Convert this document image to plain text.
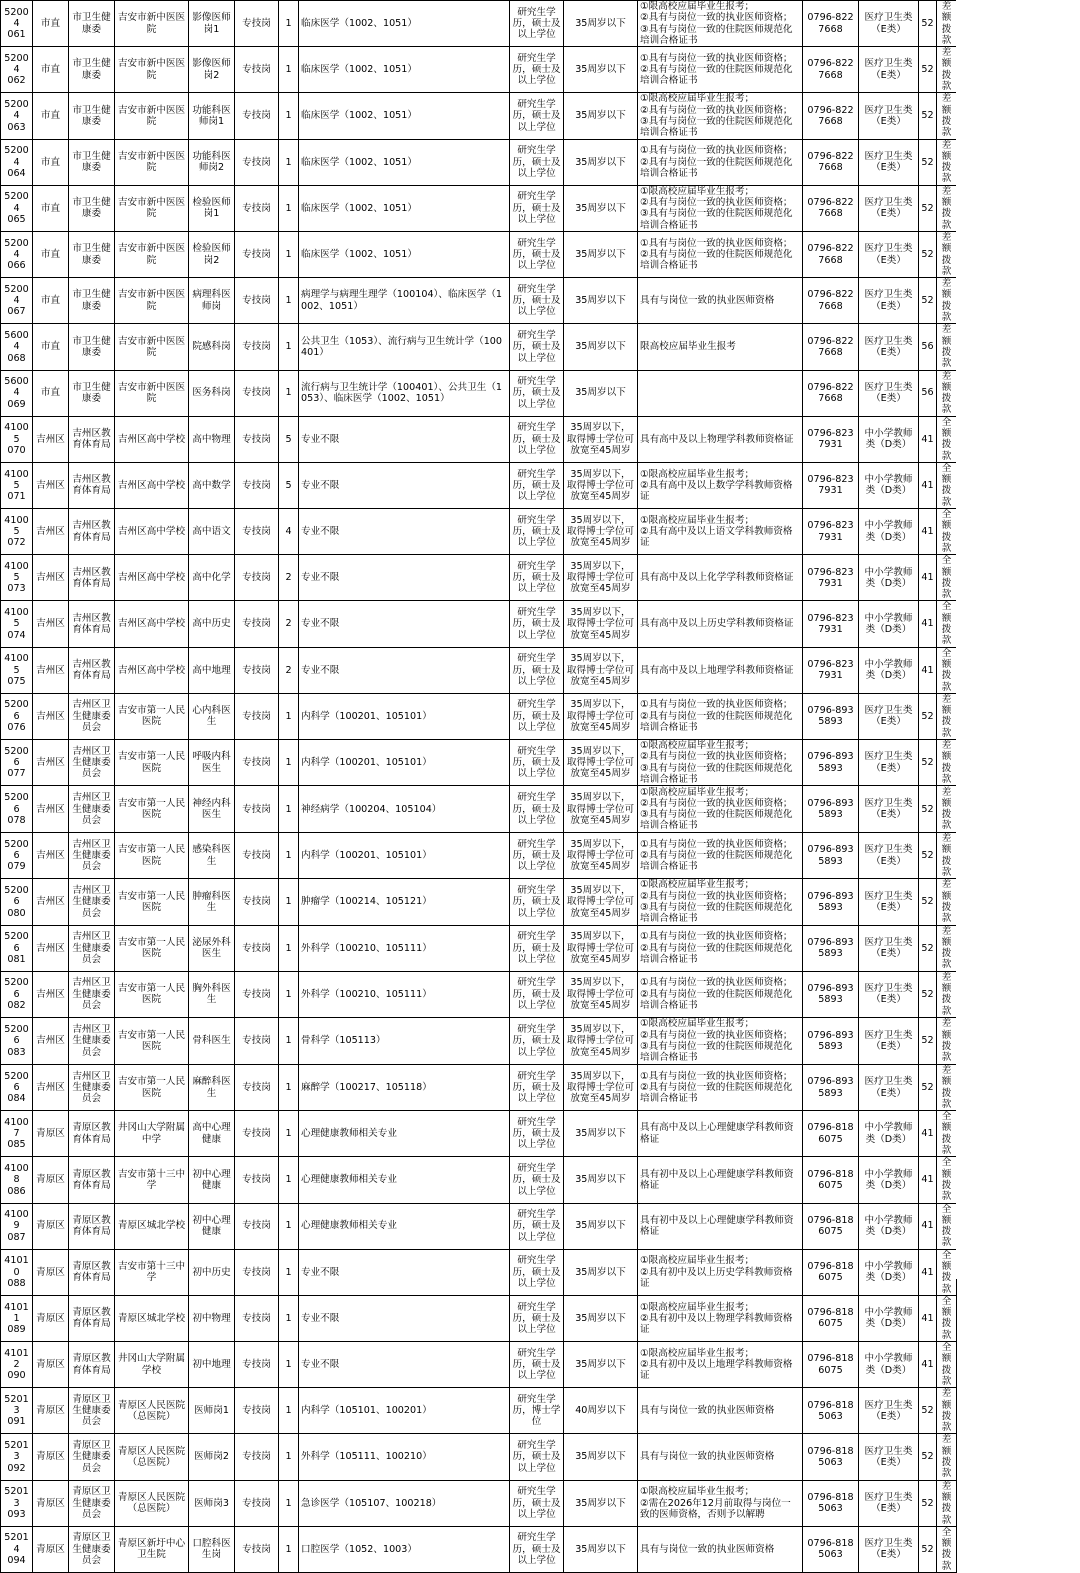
52004
061	市直	市卫生健康委	吉安市新中医医院	影像医师岗1	专技岗	1	临床医学（1002、1051）	研究生学历，硕士及以上学位	35周岁以下	①限高校应届毕业生报考；
②具有与岗位一致的执业医师资格；
③具有与岗位一致的住院医师规范化培训合格证书	0796-8227668	医疗卫生类（E类）	52	差额拨款
52004
062	市直	市卫生健康委	吉安市新中医医院	影像医师岗2	专技岗	1	临床医学（1002、1051）	研究生学历，硕士及以上学位	35周岁以下	①具有与岗位一致的执业医师资格；
②具有与岗位一致的住院医师规范化培训合格证书	0796-8227668	医疗卫生类（E类）	52	差额拨款
52004
063	市直	市卫生健康委	吉安市新中医医院	功能科医师岗1	专技岗	1	临床医学（1002、1051）	研究生学历，硕士及以上学位	35周岁以下	①限高校应届毕业生报考；
②具有与岗位一致的执业医师资格；
③具有与岗位一致的住院医师规范化培训合格证书	0796-8227668	医疗卫生类（E类）	52	差额拨款
52004
064	市直	市卫生健康委	吉安市新中医医院	功能科医师岗2	专技岗	1	临床医学（1002、1051）	研究生学历，硕士及以上学位	35周岁以下	①具有与岗位一致的执业医师资格；
②具有与岗位一致的住院医师规范化培训合格证书	0796-8227668	医疗卫生类（E类）	52	差额拨款
52004
065	市直	市卫生健康委	吉安市新中医医院	检验医师岗1	专技岗	1	临床医学（1002、1051）	研究生学历，硕士及以上学位	35周岁以下	①限高校应届毕业生报考；
②具有与岗位一致的执业医师资格；
③具有与岗位一致的住院医师规范化培训合格证书	0796-8227668	医疗卫生类（E类）	52	差额拨款
52004
066	市直	市卫生健康委	吉安市新中医医院	检验医师岗2	专技岗	1	临床医学（1002、1051）	研究生学历，硕士及以上学位	35周岁以下	①具有与岗位一致的执业医师资格；
②具有与岗位一致的住院医师规范化培训合格证书	0796-8227668	医疗卫生类（E类）	52	差额拨款
52004
067	市直	市卫生健康委	吉安市新中医医院	病理科医师岗	专技岗	1	病理学与病理生理学（100104）、临床医学（1002、1051）	研究生学历，硕士及以上学位	35周岁以下	具有与岗位一致的执业医师资格	0796-8227668	医疗卫生类（E类）	52	差额拨款
56004
068	市直	市卫生健康委	吉安市新中医医院	院感科岗	专技岗	1	公共卫生（1053）、流行病与卫生统计学（100401）	研究生学历，硕士及以上学位	35周岁以下	限高校应届毕业生报考	0796-8227668	医疗卫生类（E类）	56	差额拨款
56004
069	市直	市卫生健康委	吉安市新中医医院	医务科岗	专技岗	1	流行病与卫生统计学（100401）、公共卫生（1053）、临床医学（1002、1051）	研究生学历，硕士及以上学位	35周岁以下		0796-8227668	医疗卫生类（E类）	56	差额拨款
41005
070	吉州区	吉州区教育体育局	吉州区高中学校	高中物理	专技岗	5	专业不限	研究生学历，硕士及以上学位	35周岁以下，取得博士学位可放宽至45周岁	具有高中及以上物理学科教师资格证	0796-8237931	中小学教师类（D类）	41	全额拨款
41005
071	吉州区	吉州区教育体育局	吉州区高中学校	高中数学	专技岗	5	专业不限	研究生学历，硕士及以上学位	35周岁以下，取得博士学位可放宽至45周岁	①限高校应届毕业生报考；
②具有高中及以上数学学科教师资格证	0796-8237931	中小学教师类（D类）	41	全额拨款
41005
072	吉州区	吉州区教育体育局	吉州区高中学校	高中语文	专技岗	4	专业不限	研究生学历，硕士及以上学位	35周岁以下，取得博士学位可放宽至45周岁	①限高校应届毕业生报考；
②具有高中及以上语文学科教师资格证	0796-8237931	中小学教师类（D类）	41	全额拨款
41005
073	吉州区	吉州区教育体育局	吉州区高中学校	高中化学	专技岗	2	专业不限	研究生学历，硕士及以上学位	35周岁以下，取得博士学位可放宽至45周岁	具有高中及以上化学学科教师资格证	0796-8237931	中小学教师类（D类）	41	全额拨款
41005
074	吉州区	吉州区教育体育局	吉州区高中学校	高中历史	专技岗	2	专业不限	研究生学历，硕士及以上学位	35周岁以下，取得博士学位可放宽至45周岁	具有高中及以上历史学科教师资格证	0796-8237931	中小学教师类（D类）	41	全额拨款
41005
075	吉州区	吉州区教育体育局	吉州区高中学校	高中地理	专技岗	2	专业不限	研究生学历，硕士及以上学位	35周岁以下，取得博士学位可放宽至45周岁	具有高中及以上地理学科教师资格证	0796-8237931	中小学教师类（D类）	41	全额拨款
52006
076	吉州区	吉州区卫生健康委员会	吉安市第一人民医院	心内科医生	专技岗	1	内科学（100201、105101）	研究生学历，硕士及以上学位	35周岁以下，取得博士学位可放宽至45周岁	①具有与岗位一致的执业医师资格；
②具有与岗位一致的住院医师规范化培训合格证书	0796-8935893	医疗卫生类（E类）	52	差额拨款
52006
077	吉州区	吉州区卫生健康委员会	吉安市第一人民医院	呼吸内科医生	专技岗	1	内科学（100201、105101）	研究生学历，硕士及以上学位	35周岁以下，取得博士学位可放宽至45周岁	①限高校应届毕业生报考；
②具有与岗位一致的执业医师资格；
③具有与岗位一致的住院医师规范化培训合格证书	0796-8935893	医疗卫生类（E类）	52	差额拨款
52006
078	吉州区	吉州区卫生健康委员会	吉安市第一人民医院	神经内科医生	专技岗	1	神经病学（100204、105104）	研究生学历，硕士及以上学位	35周岁以下，取得博士学位可放宽至45周岁	①限高校应届毕业生报考；
②具有与岗位一致的执业医师资格；
③具有与岗位一致的住院医师规范化培训合格证书	0796-8935893	医疗卫生类（E类）	52	差额拨款
52006
079	吉州区	吉州区卫生健康委员会	吉安市第一人民医院	感染科医生	专技岗	1	内科学（100201、105101）	研究生学历，硕士及以上学位	35周岁以下，取得博士学位可放宽至45周岁	①具有与岗位一致的执业医师资格；
②具有与岗位一致的住院医师规范化培训合格证书	0796-8935893	医疗卫生类（E类）	52	差额拨款
52006
080	吉州区	吉州区卫生健康委员会	吉安市第一人民医院	肿瘤科医生	专技岗	1	肿瘤学（100214、105121）	研究生学历，硕士及以上学位	35周岁以下，取得博士学位可放宽至45周岁	①限高校应届毕业生报考；
②具有与岗位一致的执业医师资格；
③具有与岗位一致的住院医师规范化培训合格证书	0796-8935893	医疗卫生类（E类）	52	差额拨款
52006
081	吉州区	吉州区卫生健康委员会	吉安市第一人民医院	泌尿外科医生	专技岗	1	外科学（100210、105111）	研究生学历，硕士及以上学位	35周岁以下，取得博士学位可放宽至45周岁	①具有与岗位一致的执业医师资格；
②具有与岗位一致的住院医师规范化培训合格证书	0796-8935893	医疗卫生类（E类）	52	差额拨款
52006
082	吉州区	吉州区卫生健康委员会	吉安市第一人民医院	胸外科医生	专技岗	1	外科学（100210、105111）	研究生学历，硕士及以上学位	35周岁以下，取得博士学位可放宽至45周岁	①具有与岗位一致的执业医师资格；
②具有与岗位一致的住院医师规范化培训合格证书	0796-8935893	医疗卫生类（E类）	52	差额拨款
52006
083	吉州区	吉州区卫生健康委员会	吉安市第一人民医院	骨科医生	专技岗	1	骨科学（105113）	研究生学历，硕士及以上学位	35周岁以下，取得博士学位可放宽至45周岁	①限高校应届毕业生报考；
②具有与岗位一致的执业医师资格；
③具有与岗位一致的住院医师规范化培训合格证书	0796-8935893	医疗卫生类（E类）	52	差额拨款
52006
084	吉州区	吉州区卫生健康委员会	吉安市第一人民医院	麻醉科医生	专技岗	1	麻醉学（100217、105118）	研究生学历，硕士及以上学位	35周岁以下，取得博士学位可放宽至45周岁	①具有与岗位一致的执业医师资格；
②具有与岗位一致的住院医师规范化培训合格证书	0796-8935893	医疗卫生类（E类）	52	差额拨款
41007
085	青原区	青原区教育体育局	井冈山大学附属中学	高中心理健康	专技岗	1	心理健康教师相关专业	研究生学历，硕士及以上学位	35周岁以下	具有高中及以上心理健康学科教师资格证	0796-8186075	中小学教师类（D类）	41	全额拨款
41008
086	青原区	青原区教育体育局	吉安市第十三中学	初中心理健康	专技岗	1	心理健康教师相关专业	研究生学历，硕士及以上学位	35周岁以下	具有初中及以上心理健康学科教师资格证	0796-8186075	中小学教师类（D类）	41	全额拨款
41009
087	青原区	青原区教育体育局	青原区城北学校	初中心理健康	专技岗	1	心理健康教师相关专业	研究生学历，硕士及以上学位	35周岁以下	具有初中及以上心理健康学科教师资格证	0796-8186075	中小学教师类（D类）	41	全额拨款
41010
088	青原区	青原区教育体育局	吉安市第十三中学	初中历史	专技岗	1	专业不限	研究生学历，硕士及以上学位	35周岁以下	①限高校应届毕业生报考；
②具有初中及以上历史学科教师资格证	0796-8186075	中小学教师类（D类）	41	全额拨款
41011
089	青原区	青原区教育体育局	青原区城北学校	初中物理	专技岗	1	专业不限	研究生学历，硕士及以上学位	35周岁以下	①限高校应届毕业生报考；
②具有初中及以上物理学科教师资格证	0796-8186075	中小学教师类（D类）	41	全额拨款
41012
090	青原区	青原区教育体育局	井冈山大学附属学校	初中地理	专技岗	1	专业不限	研究生学历，硕士及以上学位	35周岁以下	①限高校应届毕业生报考；
②具有初中及以上地理学科教师资格证	0796-8186075	中小学教师类（D类）	41	全额拨款
52013
091	青原区	青原区卫生健康委员会	青原区人民医院（总医院）	医师岗1	专技岗	1	内科学（105101、100201）	研究生学历，博士学位	40周岁以下	具有与岗位一致的执业医师资格	0796-8185063	医疗卫生类（E类）	52	差额拨款
52013
092	青原区	青原区卫生健康委员会	青原区人民医院（总医院）	医师岗2	专技岗	1	外科学（105111、100210）	研究生学历，硕士及以上学位	35周岁以下	具有与岗位一致的执业医师资格	0796-8185063	医疗卫生类（E类）	52	差额拨款
52013
093	青原区	青原区卫生健康委员会	青原区人民医院（总医院）	医师岗3	专技岗	1	急诊医学（105107、100218）	研究生学历，硕士及以上学位	35周岁以下	①限高校应届毕业生报考；
②需在2026年12月前取得与岗位一致的医师资格，否则予以解聘	0796-8185063	医疗卫生类（E类）	52	差额拨款
52014
094	青原区	青原区卫生健康委员会	青原区新圩中心卫生院	口腔科医生岗	专技岗	1	口腔医学（1052、1003）	研究生学历，硕士及以上学位	35周岁以下	具有与岗位一致的执业医师资格	0796-8185063	医疗卫生类（E类）	52	全额拨款
